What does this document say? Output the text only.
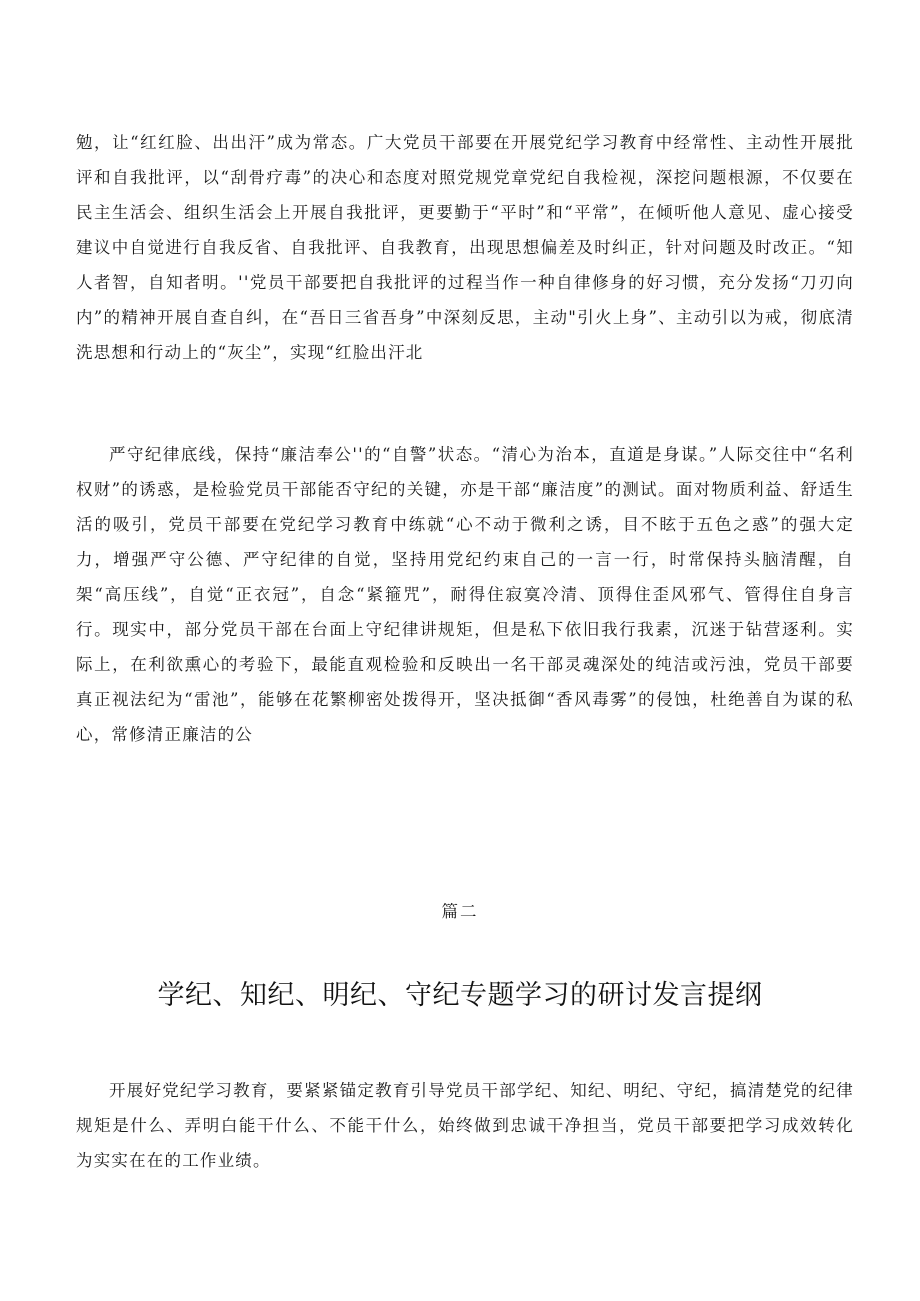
勉，让“红红脸、出出汗”成为常态。广大党员干部要在开展党纪学习教育中经常性、主动性开展批评和自我批评，以“刮骨疗毒”的决心和态度对照党规党章党纪自我检视，深挖问题根源，不仅要在民主生活会、组织生活会上开展自我批评，更要勤于“平时”和“平常”，在倾听他人意见、虚心接受建议中自觉进行自我反省、自我批评、自我教育，出现思想偏差及时纠正，针对问题及时改正。“知人者智，自知者明。''党员干部要把自我批评的过程当作一种自律修身的好习惯，充分发扬“刀刃向内”的精神开展自查自纠，在“吾日三省吾身”中深刻反思，主动"引火上身”、主动引以为戒，彻底清洗思想和行动上的“灰尘”，实现“红脸出汗北

严守纪律底线，保持“廉洁奉公''的“自警”状态。“清心为治本，直道是身谋。”人际交往中“名利权财”的诱惑，是检验党员干部能否守纪的关键，亦是干部“廉洁度”的测试。面对物质利益、舒适生活的吸引，党员干部要在党纪学习教育中练就“心不动于微利之诱，目不眩于五色之惑”的强大定力，增强严守公德、严守纪律的自觉，坚持用党纪约束自己的一言一行，时常保持头脑清醒，自架“高压线”，自觉“正衣冠”，自念“紧箍咒”，耐得住寂寞冷清、顶得住歪风邪气、管得住自身言行。现实中，部分党员干部在台面上守纪律讲规矩，但是私下依旧我行我素，沉迷于钻营逐利。实际上，在利欲熏心的考验下，最能直观检验和反映出一名干部灵魂深处的纯洁或污浊，党员干部要真正视法纪为“雷池”，能够在花繁柳密处拨得开，坚决抵御“香风毒雾”的侵蚀，杜绝善自为谋的私心，常修清正廉洁的公

篇二

学纪、知纪、明纪、守纪专题学习的研讨发言提纲

开展好党纪学习教育，要紧紧锚定教育引导党员干部学纪、知纪、明纪、守纪，搞清楚党的纪律规矩是什么、弄明白能干什么、不能干什么，始终做到忠诚干净担当，党员干部要把学习成效转化为实实在在的工作业绩。
